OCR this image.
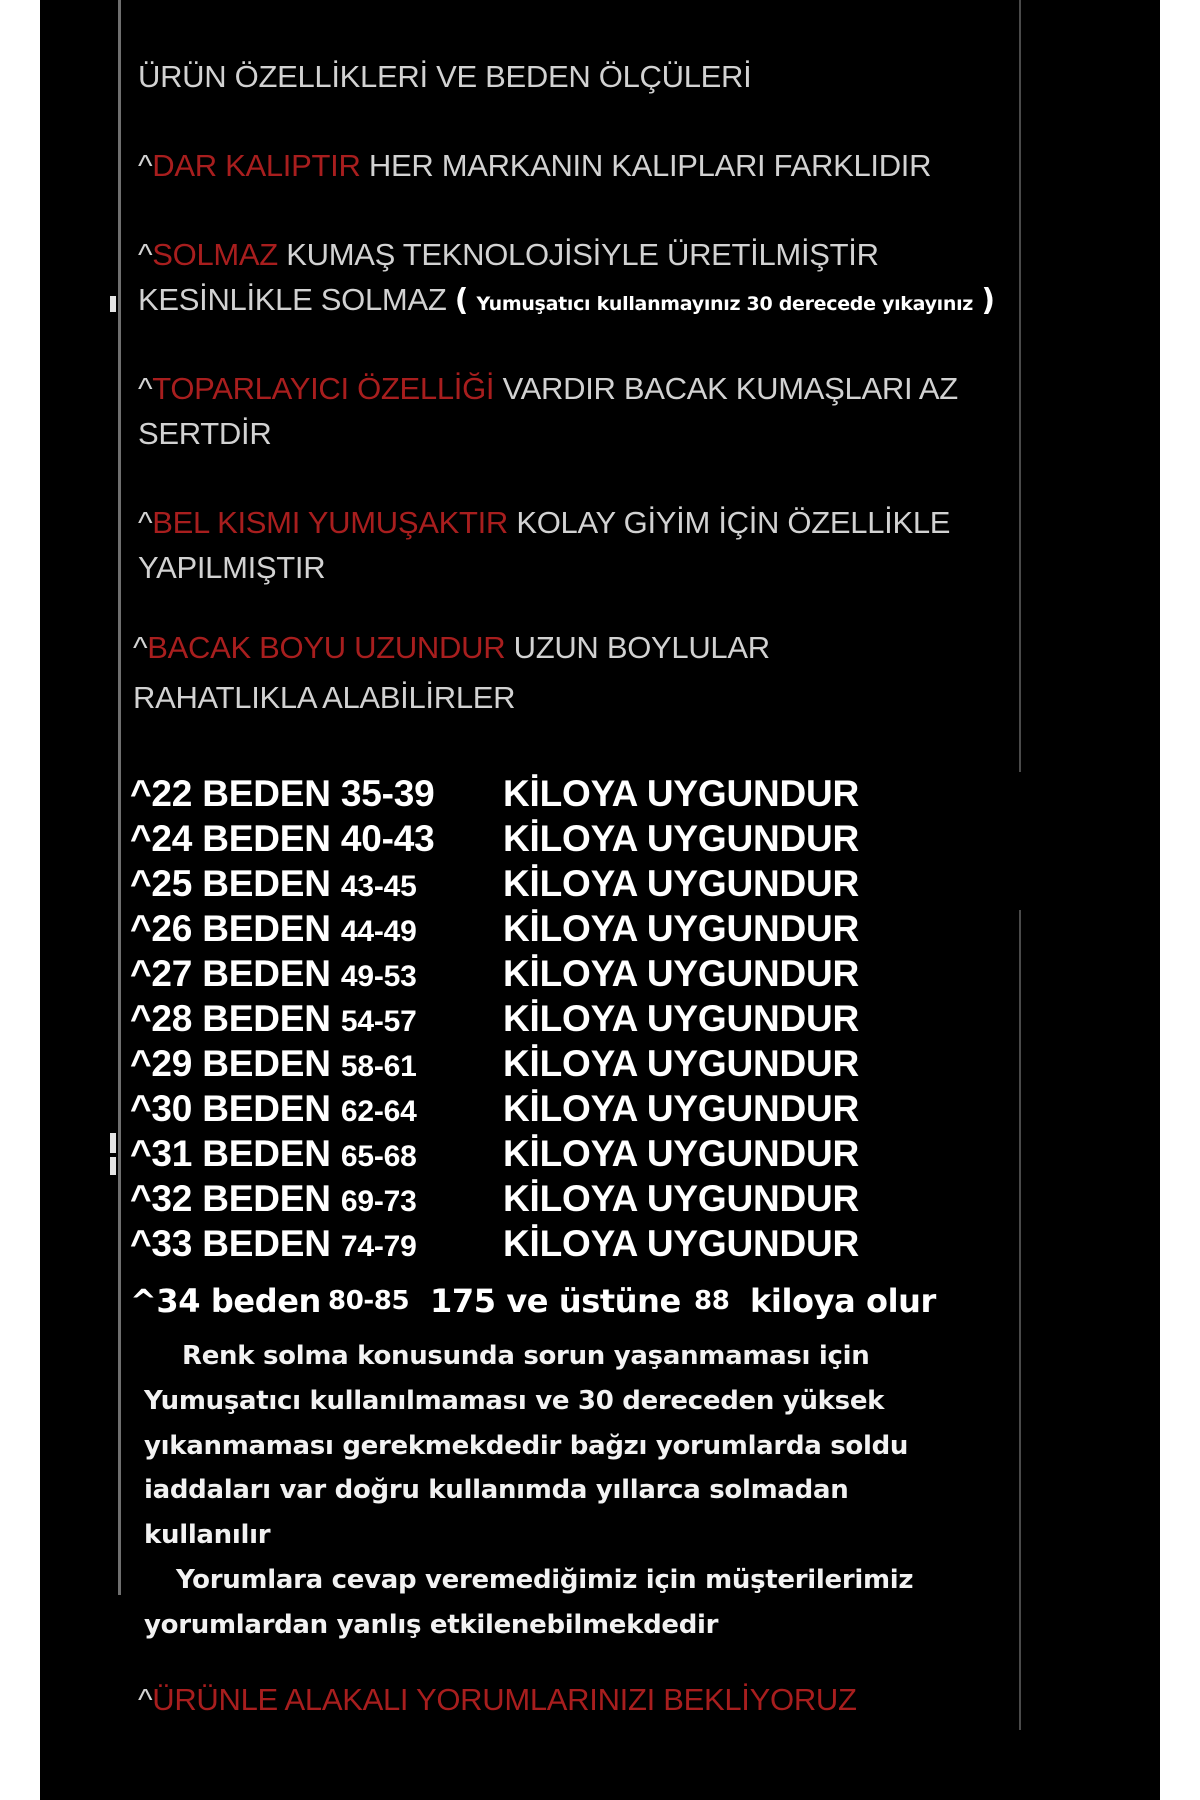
ÜRÜN ÖZELLİKLERİ VE BEDEN ÖLÇÜLERİ
^DAR KALIPTIR HER MARKANIN KALIPLARI FARKLIDIR
^SOLMAZ KUMAŞ TEKNOLOJİSİYLE ÜRETİLMİŞTİR
KESİNLİKLE SOLMAZ ( Yumuşatıcı kullanmayınız 30 derecede yıkayınız )
^TOPARLAYICI ÖZELLİĞİ VARDIR BACAK KUMAŞLARI AZ
SERTDİR
^BEL KISMI YUMUŞAKTIR KOLAY GİYİM İÇİN ÖZELLİKLE
YAPILMIŞTIR
^BACAK BOYU UZUNDUR UZUN BOYLULAR
RAHATLIKLA ALABİLİRLER
^22 BEDEN 35-39 KİLOYA UYGUNDUR
^24 BEDEN 40-43 KİLOYA UYGUNDUR
^25 BEDEN 43-45 KİLOYA UYGUNDUR
^26 BEDEN 44-49 KİLOYA UYGUNDUR
^27 BEDEN 49-53 KİLOYA UYGUNDUR
^28 BEDEN 54-57 KİLOYA UYGUNDUR
^29 BEDEN 58-61 KİLOYA UYGUNDUR
^30 BEDEN 62-64 KİLOYA UYGUNDUR
^31 BEDEN 65-68 KİLOYA UYGUNDUR
^32 BEDEN 69-73 KİLOYA UYGUNDUR
^33 BEDEN 74-79 KİLOYA UYGUNDUR
^34 beden 80-85 175 ve üstüne 88 kiloya olur

Renk solma konusunda sorun yaşanmaması için
Yumuşatıcı kullanılmaması ve 30 dereceden yüksek
yıkanmaması gerekmekdedir bağzı yorumlarda soldu
iaddaları var doğru kullanımda yıllarca solmadan
kullanılır

Yorumlara cevap veremediğimiz için müşterilerimiz
yorumlardan yanlış etkilenebilmekdedir

^ÜRÜNLE ALAKALI YORUMLARINIZI BEKLİYORUZ
